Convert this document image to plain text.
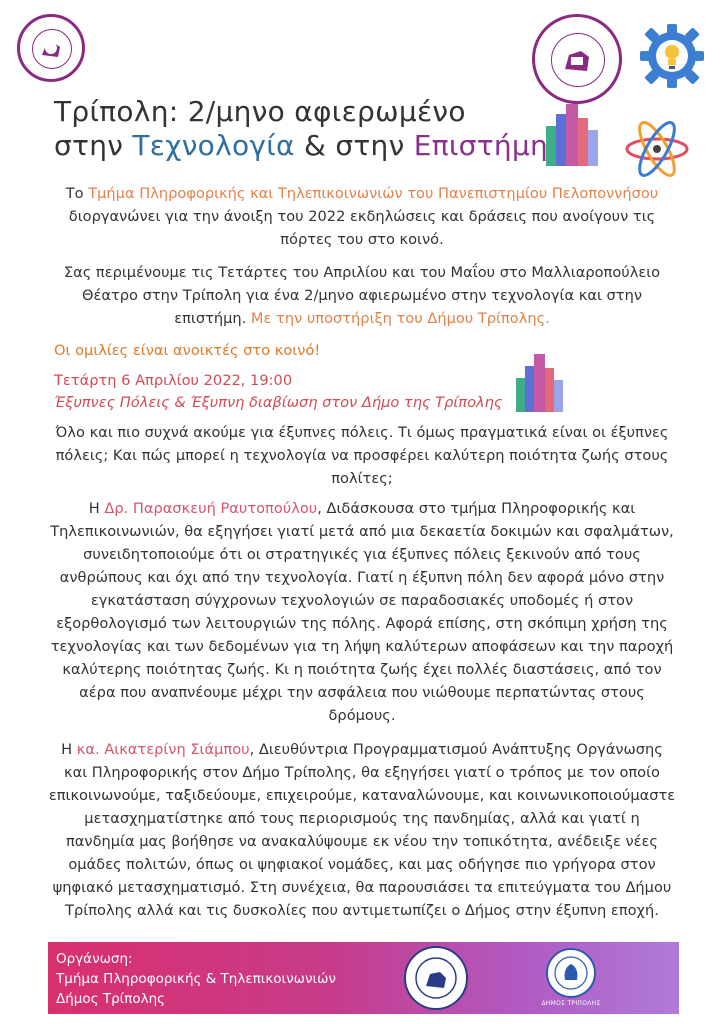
Τρίπολη: 2/μηνο αφιερωμένο
στην Τεχνολογία & στην Επιστήμη

Το Τμήμα Πληροφορικής και Τηλεπικοινωνιών του Πανεπιστημίου Πελοποννήσου
διοργανώνει για την άνοιξη του 2022 εκδηλώσεις και δράσεις που ανοίγουν τις
πόρτες του στο κοινό.

Σας περιμένουμε τις Τετάρτες του Απριλίου και του Μαΐου στο Μαλλιαροπούλειο
Θέατρο στην Τρίπολη για ένα 2/μηνο αφιερωμένο στην τεχνολογία και στην
επιστήμη. Με την υποστήριξη του Δήμου Τρίπολης.

Οι ομιλίες είναι ανοικτές στο κοινό!

Τετάρτη 6 Απριλίου 2022, 19:00

Έξυπνες Πόλεις & Έξυπνη διαβίωση στον Δήμο της Τρίπολης

Όλο και πιο συχνά ακούμε για έξυπνες πόλεις. Τι όμως πραγματικά είναι οι έξυπνες
πόλεις; Και πώς μπορεί η τεχνολογία να προσφέρει καλύτερη ποιότητα ζωής στους
πολίτες;

Η Δρ. Παρασκευή Ραυτοπούλου, Διδάσκουσα στο τμήμα Πληροφορικής και
Τηλεπικοινωνιών, θα εξηγήσει γιατί μετά από μια δεκαετία δοκιμών και σφαλμάτων,
συνειδητοποιούμε ότι οι στρατηγικές για έξυπνες πόλεις ξεκινούν από τους
ανθρώπους και όχι από την τεχνολογία. Γιατί η έξυπνη πόλη δεν αφορά μόνο στην
εγκατάσταση σύγχρονων τεχνολογιών σε παραδοσιακές υποδομές ή στον
εξορθολογισμό των λειτουργιών της πόλης. Αφορά επίσης, στη σκόπιμη χρήση της
τεχνολογίας και των δεδομένων για τη λήψη καλύτερων αποφάσεων και την παροχή
καλύτερης ποιότητας ζωής. Κι η ποιότητα ζωής έχει πολλές διαστάσεις, από τον
αέρα που αναπνέουμε μέχρι την ασφάλεια που νιώθουμε περπατώντας στους
δρόμους.

Η κα. Αικατερίνη Σιάμπου, Διευθύντρια Προγραμματισμού Ανάπτυξης Οργάνωσης
και Πληροφορικής στον Δήμο Τρίπολης, θα εξηγήσει γιατί ο τρόπος με τον οποίο
επικοινωνούμε, ταξιδεύουμε, επιχειρούμε, καταναλώνουμε, και κοινωνικοποιούμαστε
μετασχηματίστηκε από τους περιορισμούς της πανδημίας, αλλά και γιατί η
πανδημία μας βοήθησε να ανακαλύψουμε εκ νέου την τοπικότητα, ανέδειξε νέες
ομάδες πολιτών, όπως οι ψηφιακοί νομάδες, και μας οδήγησε πιο γρήγορα στον
ψηφιακό μετασχηματισμό. Στη συνέχεια, θα παρουσιάσει τα επιτεύγματα του Δήμου
Τρίπολης αλλά και τις δυσκολίες που αντιμετωπίζει ο Δήμος στην έξυπνη εποχή.

Οργάνωση:
Τμήμα Πληροφορικής & Τηλεπικοινωνιών
Δήμος Τρίπολης	ΔΗΜΟΣ ΤΡΙΠΟΛΗΣ
